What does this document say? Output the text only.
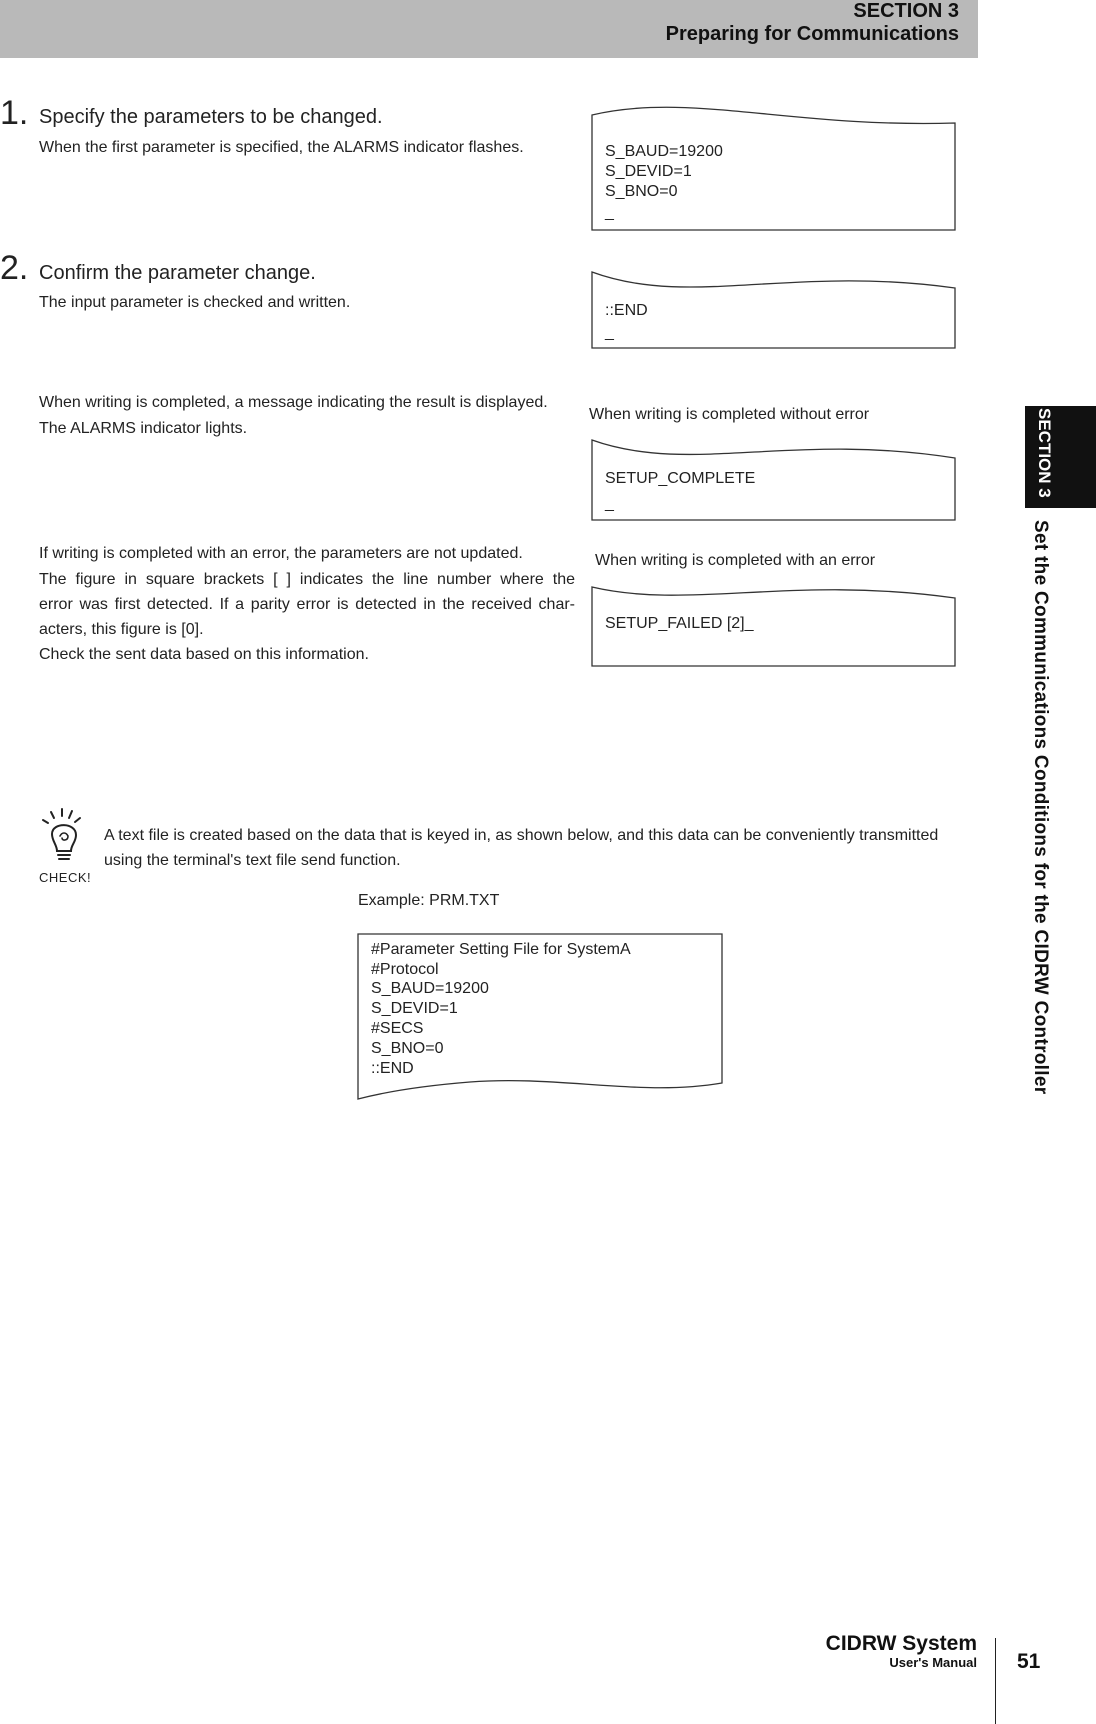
SECTION 3
Preparing for Communications
1. Specify the parameters to be changed.
When the first parameter is specified, the ALARMS indicator flashes.
2. Confirm the parameter change.
The input parameter is checked and written.
When writing is completed, a message indicating the result is displayed.
The ALARMS indicator lights.
When writing is completed without error
If writing is completed with an error, the parameters are not updated.
The figure in square brackets [ ] indicates the line number where the
error was first detected. If a parity error is detected in the received char-
acters, this figure is [0].
Check the sent data based on this information.
When writing is completed with an error
S_BAUD=19200
S_DEVID=1
S_BNO=0
_
::END
_
SETUP_COMPLETE
_
SETUP_FAILED [2]_
CHECK!
A text file is created based on the data that is keyed in, as shown below, and this data can be conveniently transmitted
using the terminal's text file send function.
Example: PRM.TXT
#Parameter Setting File for SystemA
#Protocol
S_BAUD=19200
S_DEVID=1
#SECS
S_BNO=0
::END
SECTION 3
Set the Communications Conditions for the CIDRW Controller
CIDRW System
User's Manual 51
